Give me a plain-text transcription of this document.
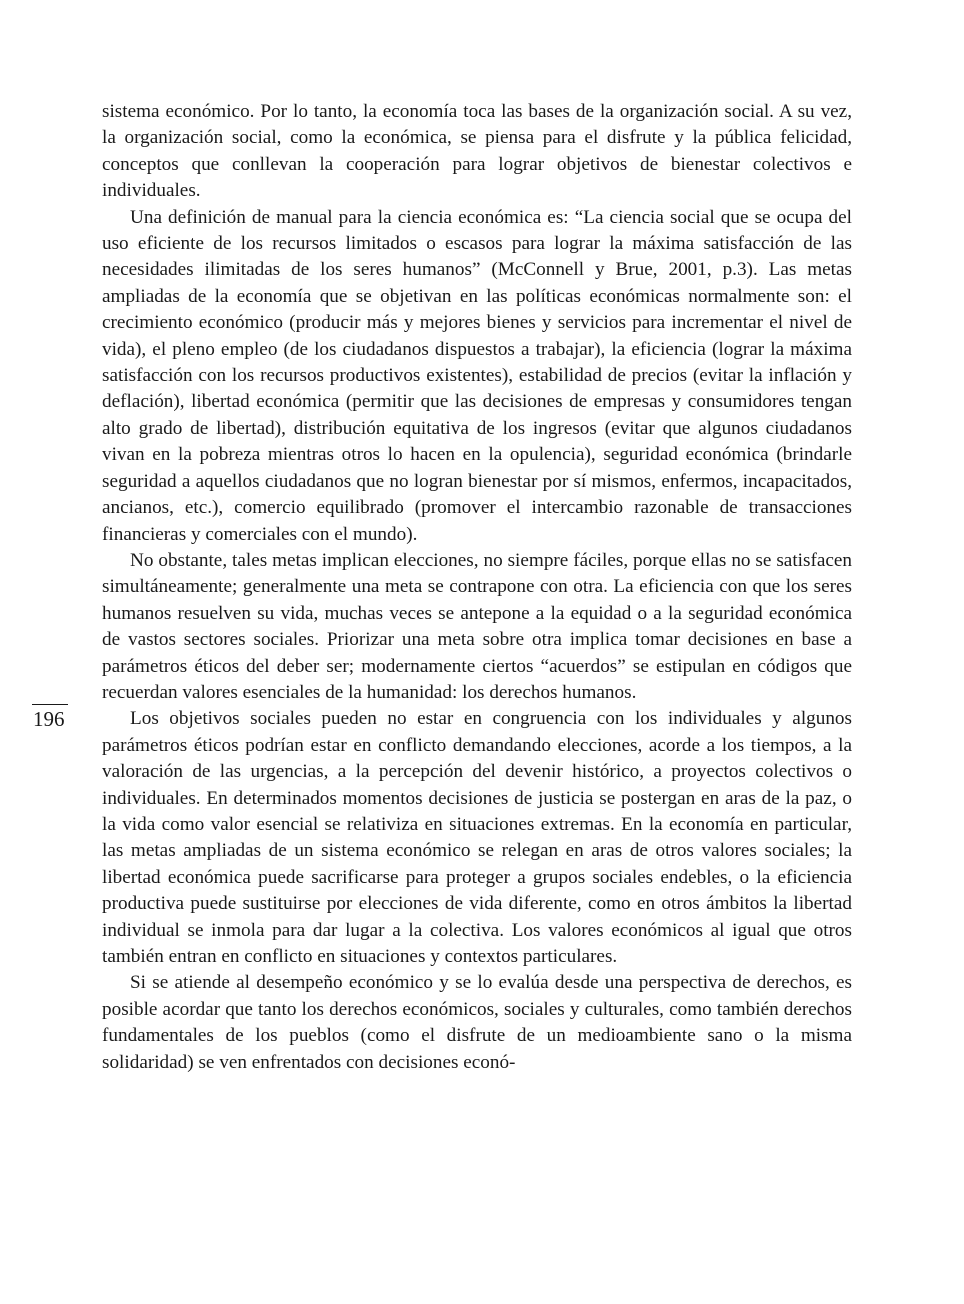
sistema económico. Por lo tanto, la economía toca las bases de la organización social. A su vez, la organización social, como la económica, se piensa para el disfrute y la pública felicidad, conceptos que conllevan la cooperación para lograr objetivos de bienestar colectivos e individuales.

Una definición de manual para la ciencia económica es: “La ciencia social que se ocupa del uso eficiente de los recursos limitados o escasos para lograr la máxima satisfacción de las necesidades ilimitadas de los seres humanos” (McConnell y Brue, 2001, p.3). Las metas ampliadas de la economía que se objetivan en las políticas económicas normalmente son: el crecimiento económico (producir más y mejores bienes y servicios para incrementar el nivel de vida), el pleno empleo (de los ciudadanos dispuestos a trabajar), la eficiencia (lograr la máxima satisfacción con los recursos productivos existentes), estabilidad de precios (evitar la inflación y deflación), libertad económica (permitir que las decisiones de empresas y consumidores tengan alto grado de libertad), distribución equitativa de los ingresos (evitar que algunos ciudadanos vivan en la pobreza mientras otros lo hacen en la opulencia), seguridad económica (brindarle seguridad a aquellos ciudadanos que no logran bienestar por sí mismos, enfermos, incapacitados, ancianos, etc.), comercio equilibrado (promover el intercambio razonable de transacciones financieras y comerciales con el mundo).

No obstante, tales metas implican elecciones, no siempre fáciles, porque ellas no se satisfacen simultáneamente; generalmente una meta se contrapone con otra. La eficiencia con que los seres humanos resuelven su vida, muchas veces se antepone a la equidad o a la seguridad económica de vastos sectores sociales. Priorizar una meta sobre otra implica tomar decisiones en base a parámetros éticos del deber ser; modernamente ciertos “acuerdos” se estipulan en códigos que recuerdan valores esenciales de la humanidad: los derechos humanos.

Los objetivos sociales pueden no estar en congruencia con los individuales y algunos parámetros éticos podrían estar en conflicto demandando elecciones, acorde a los tiempos, a la valoración de las urgencias, a la percepción del devenir histórico, a proyectos colectivos o individuales. En determinados momentos decisiones de justicia se postergan en aras de la paz, o la vida como valor esencial se relativiza en situaciones extremas. En la economía en particular, las metas ampliadas de un sistema económico se relegan en aras de otros valores sociales; la libertad económica puede sacrificarse para proteger a grupos sociales endebles, o la eficiencia productiva puede sustituirse por elecciones de vida diferente, como en otros ámbitos la libertad individual se inmola para dar lugar a la colectiva. Los valores económicos al igual que otros también entran en conflicto en situaciones y contextos particulares.

Si se atiende al desempeño económico y se lo evalúa desde una perspectiva de derechos, es posible acordar que tanto los derechos económicos, sociales y culturales, como también derechos fundamentales de los pueblos (como el disfrute de un medioambiente sano o la misma solidaridad) se ven enfrentados con decisiones econó-

196
